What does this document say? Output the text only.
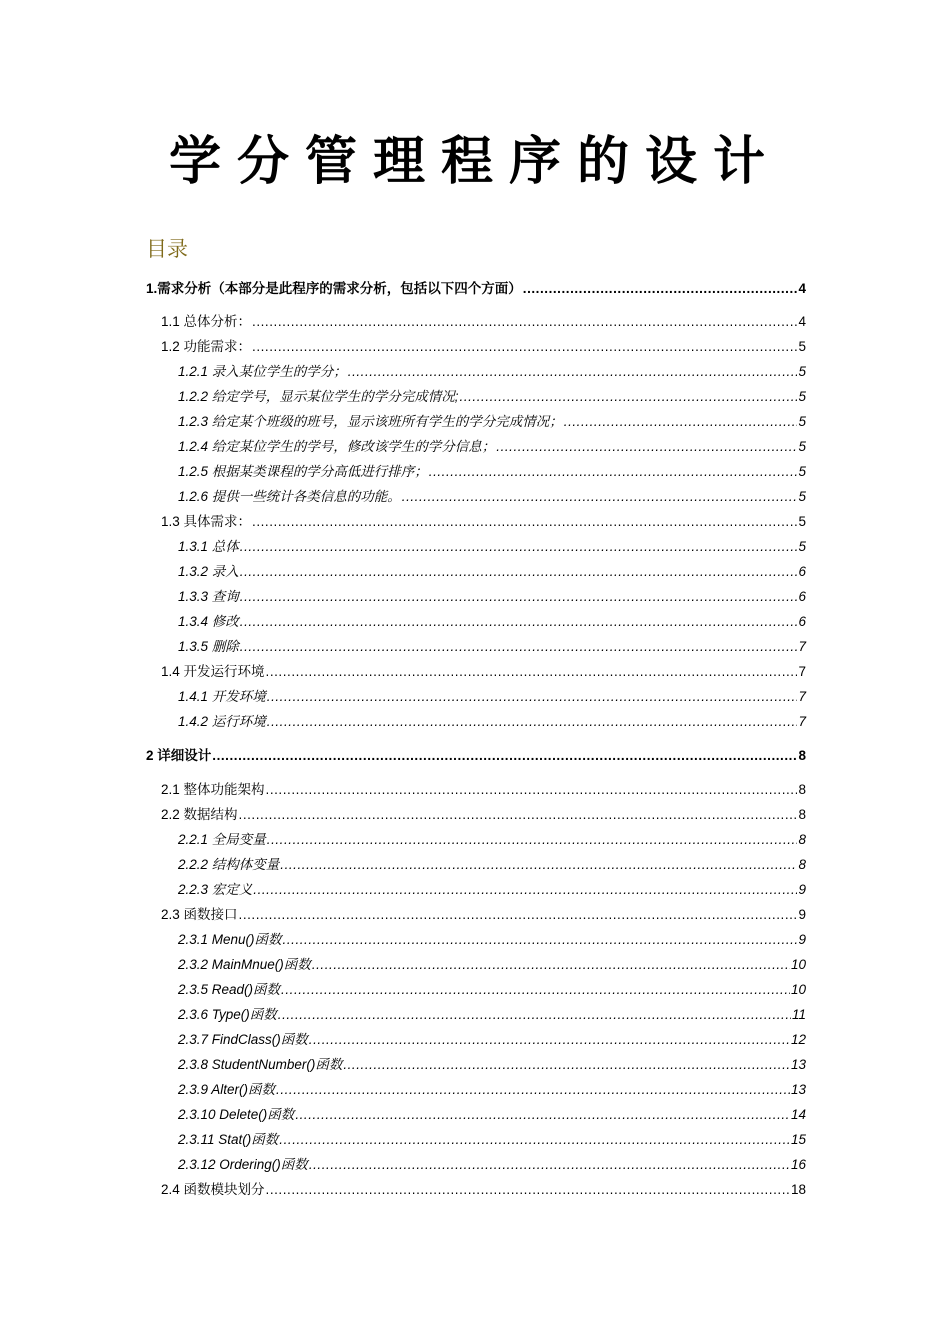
学分管理程序的设计
目录
1.需求分析（本部分是此程序的需求分析，包括以下四个方面） . . .	4
1.1 总体分析： . . .	4
1.2 功能需求： . . .	5
1.2.1 录入某位学生的学分； . . .	5
1.2.2 给定学号，显示某位学生的学分完成情况; . . .	5
1.2.3 给定某个班级的班号，显示该班所有学生的学分完成情况； . . .	5
1.2.4 给定某位学生的学号，修改该学生的学分信息； . . .	5
1.2.5 根据某类课程的学分高低进行排序； . . .	5
1.2.6 提供一些统计各类信息的功能。 . . .	5
1.3 具体需求： . . .	5
1.3.1 总体 . . .	5
1.3.2 录入 . . .	6
1.3.3 查询 . . .	6
1.3.4 修改 . . .	6
1.3.5 删除 . . .	7
1.4 开发运行环境 . . .	7
1.4.1 开发环境 . . .	7
1.4.2 运行环境 . . .	7
2 详细设计 . . .	8
2.1 整体功能架构 . . .	8
2.2 数据结构 . . .	8
2.2.1 全局变量 . . .	8
2.2.2 结构体变量 . . .	8
2.2.3 宏定义 . . .	9
2.3 函数接口 . . .	9
2.3.1 Menu()函数 . . .	9
2.3.2 MainMnue()函数 . . .	10
2.3.5 Read()函数 . . .	10
2.3.6 Type()函数 . . .	11
2.3.7 FindClass()函数 . . .	12
2.3.8 StudentNumber()函数 . . .	13
2.3.9 Alter()函数 . . .	13
2.3.10 Delete()函数 . . .	14
2.3.11 Stat()函数 . . .	15
2.3.12 Ordering()函数 . . .	16
2.4 函数模块划分 . . .	18
